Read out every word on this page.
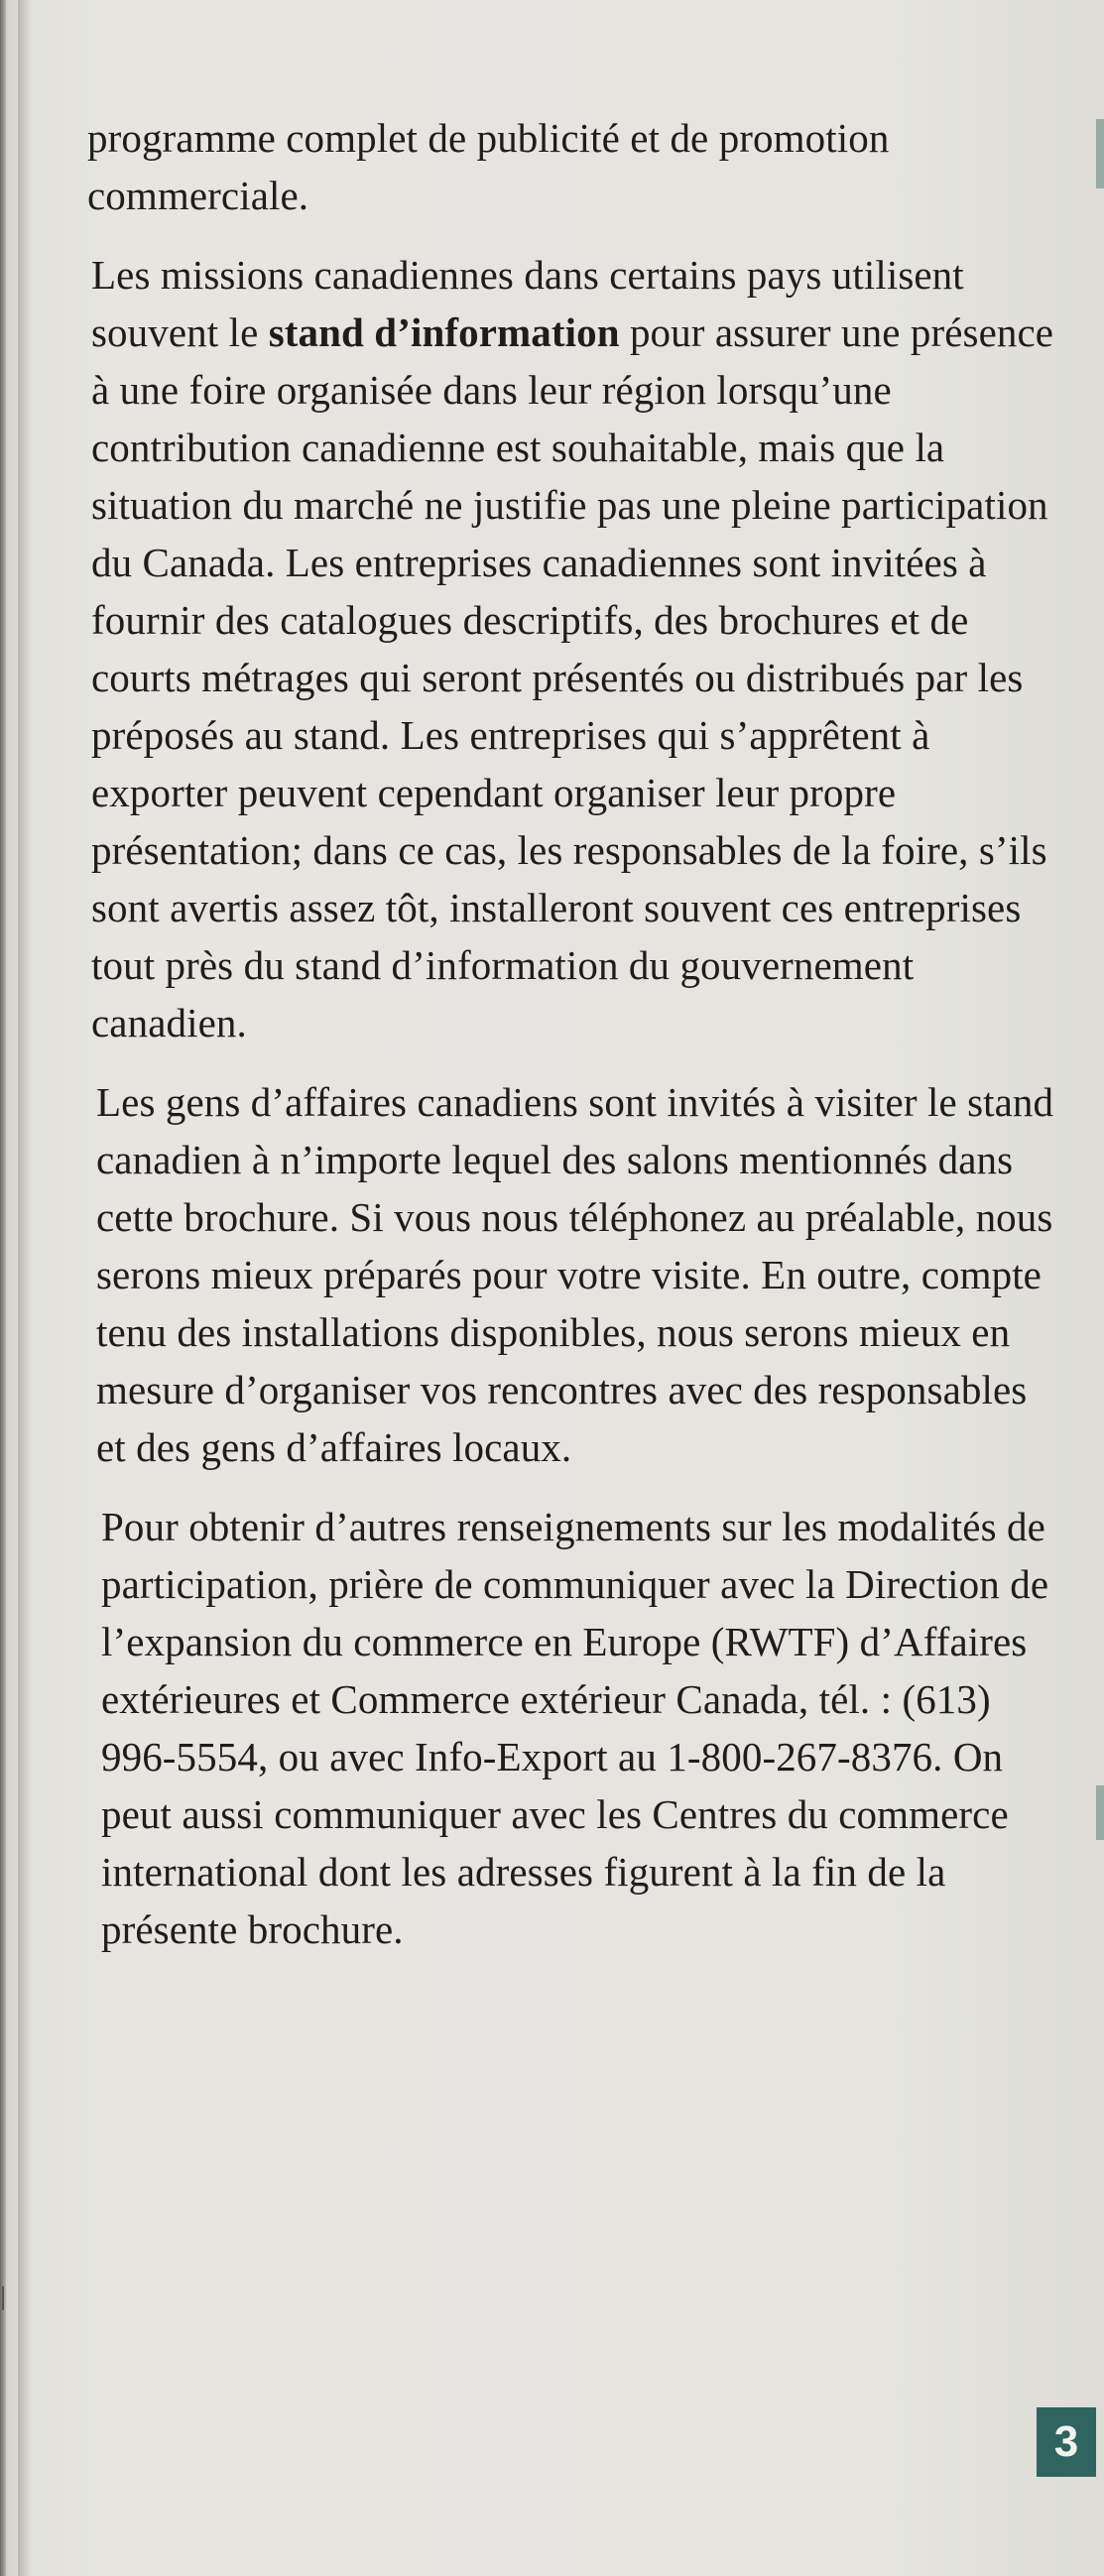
programme complet de publicité et de promotion commerciale.

Les missions canadiennes dans certains pays utilisent souvent le stand d’information pour assurer une présence à une foire organisée dans leur région lorsqu’une contribution canadienne est souhaitable, mais que la situation du marché ne justifie pas une pleine participation du Canada. Les entreprises canadiennes sont invitées à fournir des catalogues descriptifs, des brochures et de courts métrages qui seront présentés ou distribués par les préposés au stand. Les entreprises qui s’apprêtent à exporter peuvent cependant organiser leur propre présentation; dans ce cas, les responsables de la foire, s’ils sont avertis assez tôt, installeront souvent ces entreprises tout près du stand d’information du gouvernement canadien.

Les gens d’affaires canadiens sont invités à visiter le stand canadien à n’importe lequel des salons mentionnés dans cette brochure. Si vous nous téléphonez au préalable, nous serons mieux préparés pour votre visite. En outre, compte tenu des installations disponibles, nous serons mieux en mesure d’organiser vos rencontres avec des responsables et des gens d’affaires locaux.

Pour obtenir d’autres renseignements sur les modalités de participation, prière de communiquer avec la Direction de l’expansion du commerce en Europe (RWTF) d’Affaires extérieures et Commerce extérieur Canada, tél. : (613) 996-5554, ou avec Info-Export au 1-800-267-8376. On peut aussi communiquer avec les Centres du commerce international dont les adresses figurent à la fin de la présente brochure.

3
